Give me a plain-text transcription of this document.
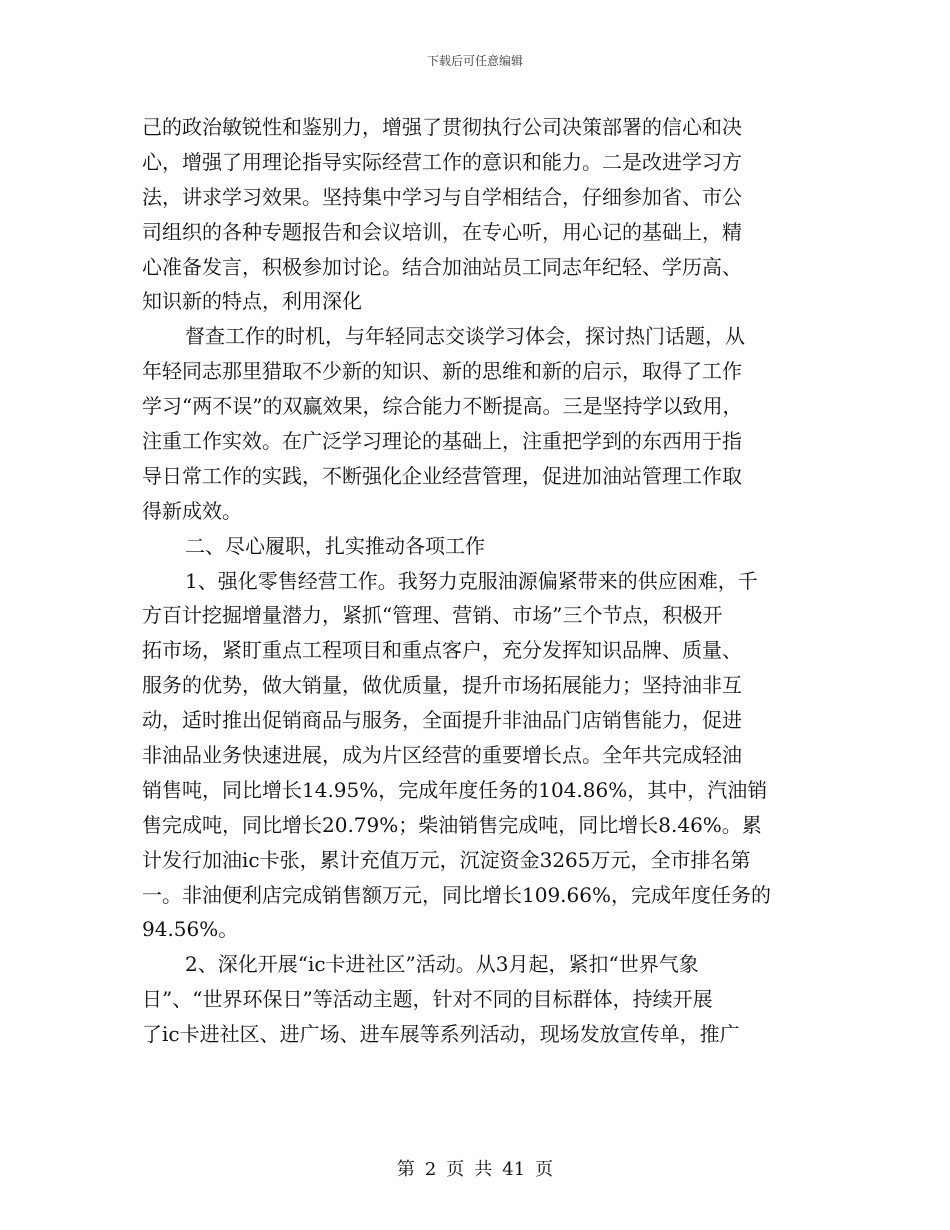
下载后可任意编辑
己的政治敏锐性和鉴别力，增强了贯彻执行公司决策部署的信心和决
心，增强了用理论指导实际经营工作的意识和能力。二是改进学习方
法，讲求学习效果。坚持集中学习与自学相结合，仔细参加省、市公
司组织的各种专题报告和会议培训，在专心听，用心记的基础上，精
心准备发言，积极参加讨论。结合加油站员工同志年纪轻、学历高、
知识新的特点，利用深化
督查工作的时机，与年轻同志交谈学习体会，探讨热门话题，从
年轻同志那里猎取不少新的知识、新的思维和新的启示，取得了工作
学习“两不误”的双赢效果，综合能力不断提高。三是坚持学以致用，
注重工作实效。在广泛学习理论的基础上，注重把学到的东西用于指
导日常工作的实践，不断强化企业经营管理，促进加油站管理工作取
得新成效。
二、尽心履职，扎实推动各项工作
1、强化零售经营工作。我努力克服油源偏紧带来的供应困难，千
方百计挖掘增量潜力，紧抓“管理、营销、市场”三个节点，积极开
拓市场，紧盯重点工程项目和重点客户，充分发挥知识品牌、质量、
服务的优势，做大销量，做优质量，提升市场拓展能力；坚持油非互
动，适时推出促销商品与服务，全面提升非油品门店销售能力，促进
非油品业务快速进展，成为片区经营的重要增长点。全年共完成轻油
销售吨，同比增长14.95%，完成年度任务的104.86%，其中，汽油销
售完成吨，同比增长20.79%；柴油销售完成吨，同比增长8.46%。累
计发行加油ic卡张，累计充值万元，沉淀资金3265万元，全市排名第
一。非油便利店完成销售额万元，同比增长109.66%，完成年度任务的
94.56%。
2、深化开展“ic卡进社区”活动。从3月起，紧扣“世界气象
日”、“世界环保日”等活动主题，针对不同的目标群体，持续开展
了ic卡进社区、进广场、进车展等系列活动，现场发放宣传单，推广
第 2 页 共 41 页
